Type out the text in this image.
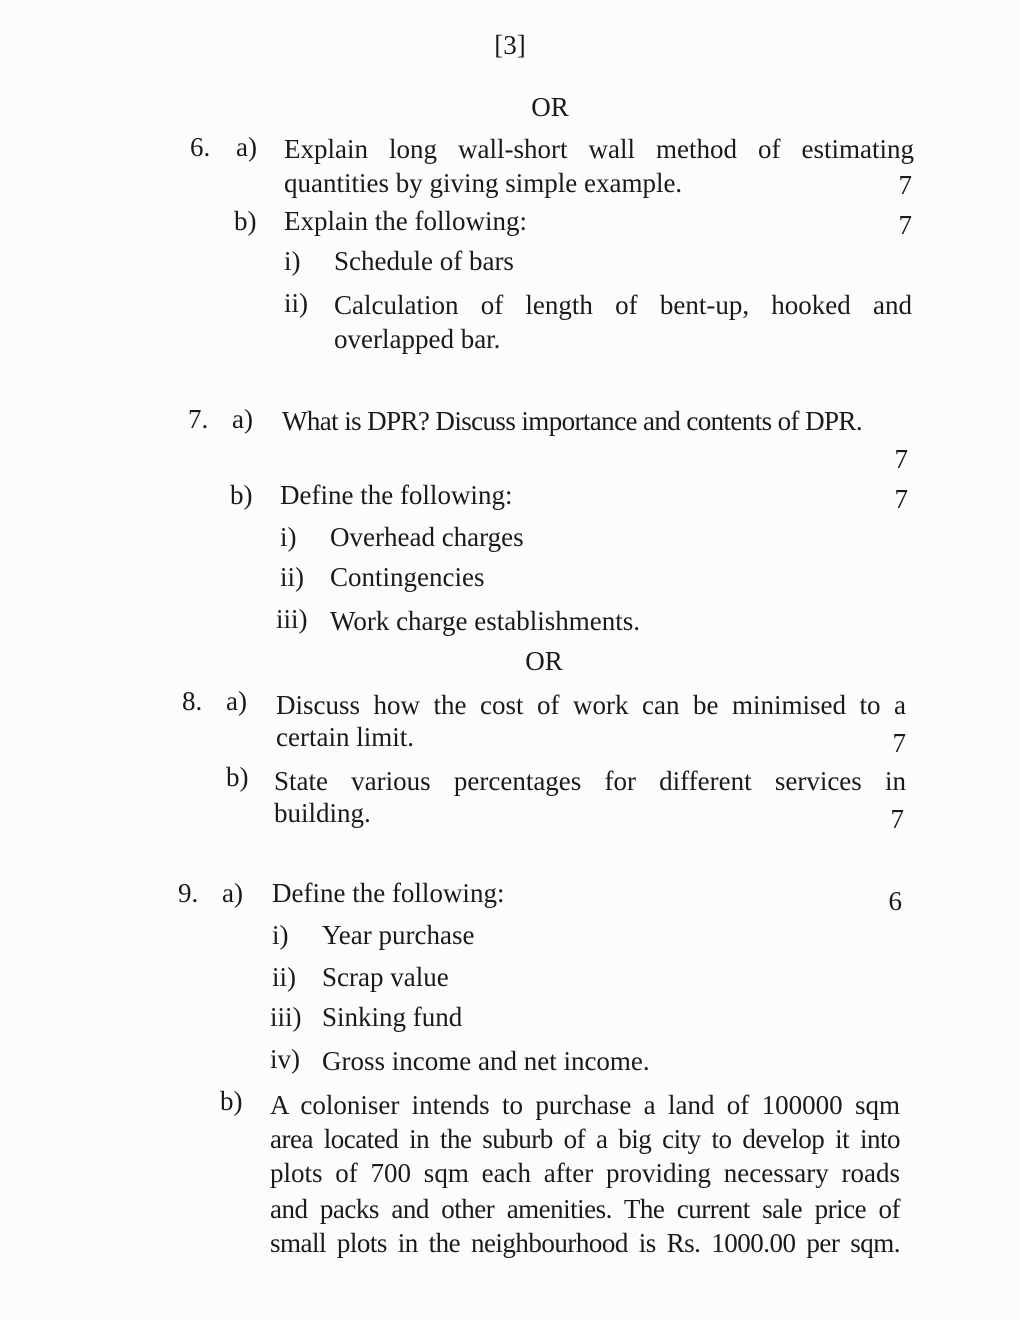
[3]
OR
6. a) Explain long wall-short wall method of estimating
quantities by giving simple example.	7
b) Explain the following:	7
i) Schedule of bars
ii) Calculation of length of bent-up, hooked and
overlapped bar.
7. a) What is DPR? Discuss importance and contents of DPR.
7
b) Define the following:	7
i) Overhead charges
ii) Contingencies
iii) Work charge establishments.
OR
8. a) Discuss how the cost of work can be minimised to a
certain limit.	7
b) State various percentages for different services in
building.	7
9. a) Define the following:	6
i) Year purchase
ii) Scrap value
iii) Sinking fund
iv) Gross income and net income.
b) A coloniser intends to purchase a land of 100000 sqm
area located in the suburb of a big city to develop it into
plots of 700 sqm each after providing necessary roads
and packs and other amenities. The current sale price of
small plots in the neighbourhood is Rs. 1000.00 per sqm.
